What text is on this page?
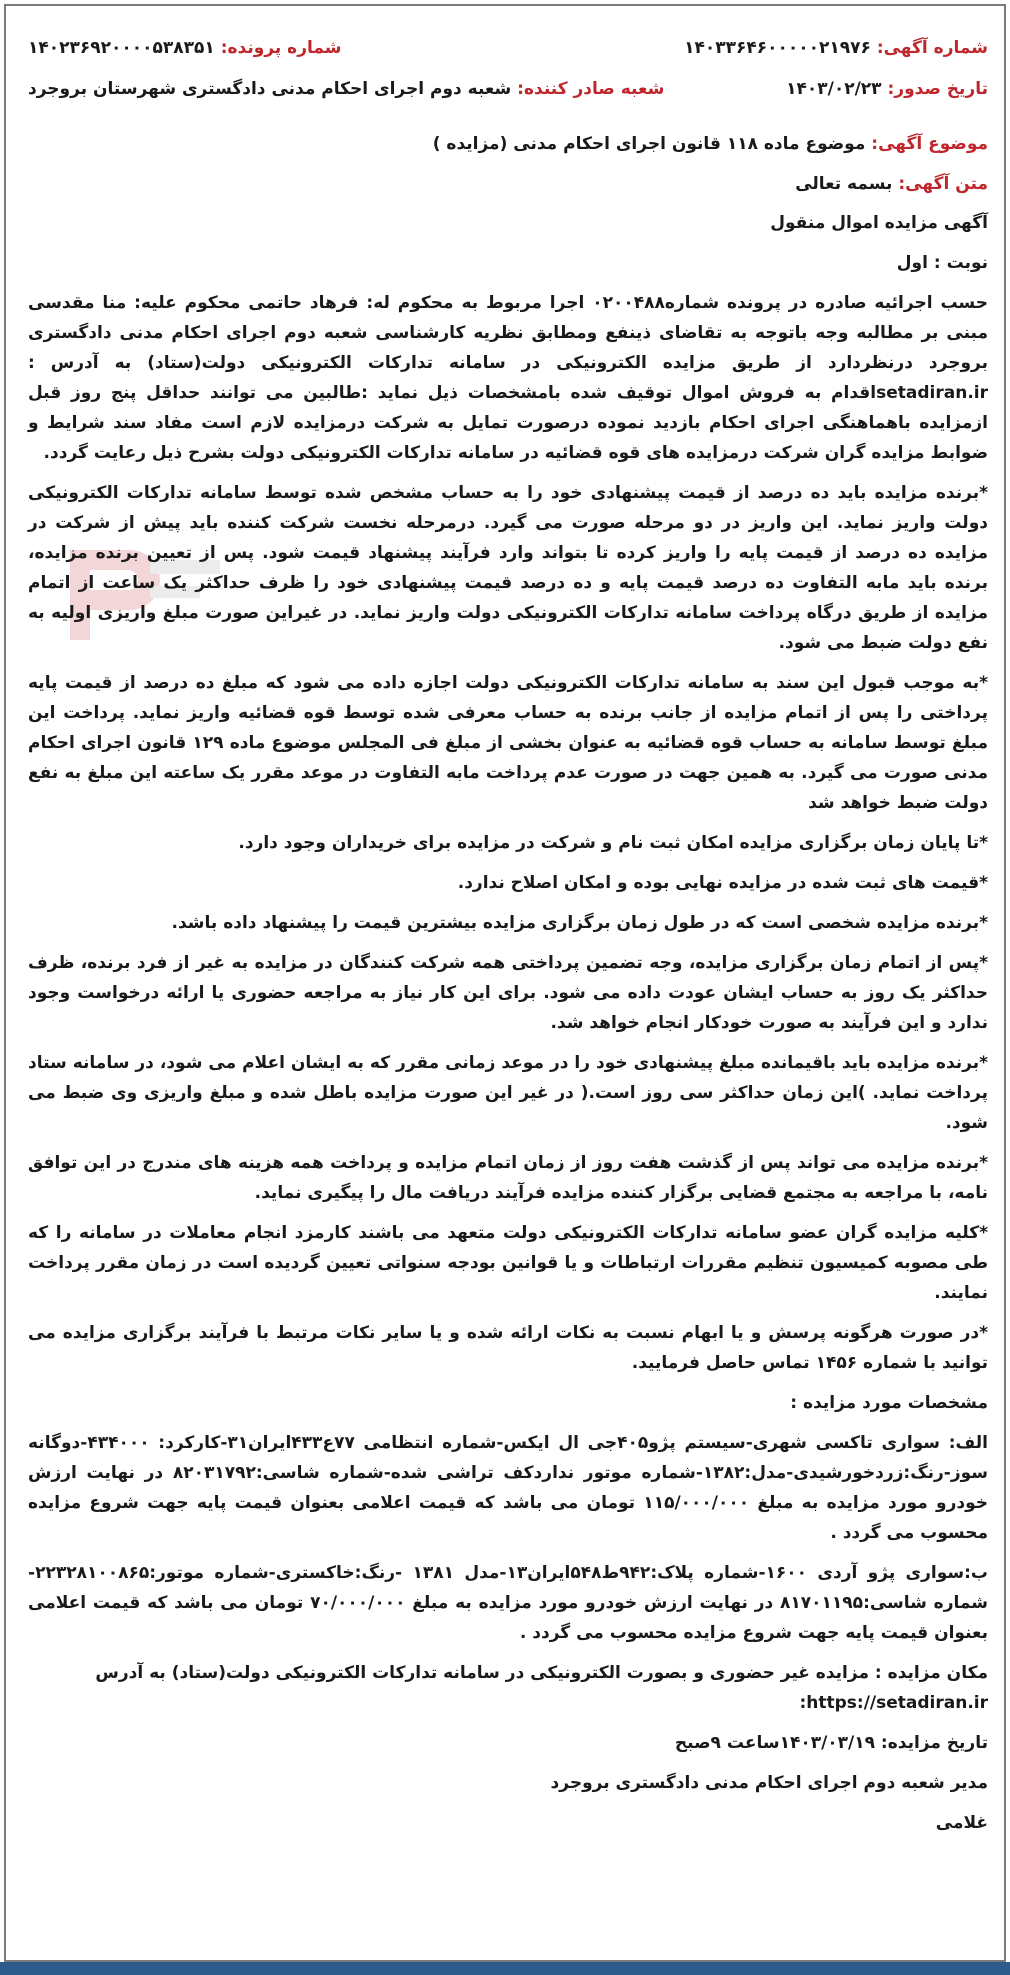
شماره آگهی: ۱۴۰۳۳۶۴۶۰۰۰۰۰۲۱۹۷۶
شماره پرونده: ۱۴۰۲۳۶۹۲۰۰۰۰۵۳۸۳۵۱
تاریخ صدور: ۱۴۰۳/۰۲/۲۳
شعبه صادر کننده: شعبه دوم اجرای احکام مدنی دادگستری شهرستان بروجرد
موضوع آگهی: موضوع ماده ۱۱۸ قانون اجرای احکام مدنی (مزایده )
متن آگهی: بسمه تعالی

آگهی مزایده اموال منقول

نوبت : اول

حسب اجرائیه صادره در پرونده شماره۰۲۰۰۴۸۸ اجرا مربوط به محکوم له: فرهاد حاتمی محکوم علیه: منا مقدسی مبنی بر مطالبه وجه باتوجه به تقاضای ذینفع ومطابق نظریه کارشناسی شعبه دوم اجرای احکام مدنی دادگستری بروجرد درنظردارد از طریق مزایده الکترونیکی در سامانه تدارکات الکترونیکی دولت(ستاد) به آدرس : setadiran.irاقدام به فروش اموال توقیف شده بامشخصات ذیل نماید :طالبین می توانند حداقل پنج روز قبل ازمزایده باهماهنگی اجرای احکام بازدید نموده درصورت تمایل به شرکت درمزایده لازم است مفاد سند شرایط و ضوابط مزایده گران شرکت درمزایده های قوه قضائیه در سامانه تدارکات الکترونیکی دولت بشرح ذیل رعایت گردد.

*برنده مزایده باید ده درصد از قیمت پیشنهادی خود را به حساب مشخص شده توسط سامانه تدارکات الکترونیکی دولت واریز نماید. این واریز در دو مرحله صورت می گیرد. درمرحله نخست شرکت کننده باید پیش از شرکت در مزایده ده درصد از قیمت پایه را واریز کرده تا بتواند وارد فرآیند پیشنهاد قیمت شود. پس از تعیین برنده مزایده، برنده باید مابه التفاوت ده درصد قیمت پایه و ده درصد قیمت پیشنهادی خود را ظرف حداکثر یک ساعت از اتمام مزایده از طریق درگاه پرداخت سامانه تدارکات الکترونیکی دولت واریز نماید. در غیراین صورت مبلغ واریزی اولیه به نفع دولت ضبط می شود.

*به موجب قبول این سند به سامانه تدارکات الکترونیکی دولت اجازه داده می شود که مبلغ ده درصد از قیمت پایه پرداختی را پس از اتمام مزایده از جانب برنده به حساب معرفی شده توسط قوه قضائیه واریز نماید. پرداخت این مبلغ توسط سامانه به حساب قوه قضائیه به عنوان بخشی از مبلغ فی المجلس موضوع ماده ۱۲۹ قانون اجرای احکام مدنی صورت می گیرد. به همین جهت در صورت عدم پرداخت مابه التفاوت در موعد مقرر یک ساعته این مبلغ به نفع دولت ضبط خواهد شد

*تا پایان زمان برگزاری مزایده امکان ثبت نام و شرکت در مزایده برای خریداران وجود دارد.

*قیمت های ثبت شده در مزایده نهایی بوده و امکان اصلاح ندارد.

*برنده مزایده شخصی است که در طول زمان برگزاری مزایده بیشترین قیمت را پیشنهاد داده باشد.

*پس از اتمام زمان برگزاری مزایده، وجه تضمین پرداختی همه شرکت کنندگان در مزایده به غیر از فرد برنده، ظرف حداکثر یک روز به حساب ایشان عودت داده می شود. برای این کار نیاز به مراجعه حضوری یا ارائه درخواست وجود ندارد و این فرآیند به صورت خودکار انجام خواهد شد.

*برنده مزایده باید باقیمانده مبلغ پیشنهادی خود را در موعد زمانی مقرر که به ایشان اعلام می شود، در سامانه ستاد پرداخت نماید. )این زمان حداکثر سی روز است.( در غیر این صورت مزایده باطل شده و مبلغ واریزی وی ضبط می شود.

*برنده مزایده می تواند پس از گذشت هفت روز از زمان اتمام مزایده و پرداخت همه هزینه های مندرج در این توافق نامه، با مراجعه به مجتمع قضایی برگزار کننده مزایده فرآیند دریافت مال را پیگیری نماید.

*کلیه مزایده گران عضو سامانه تدارکات الکترونیکی دولت متعهد می باشند کارمزد انجام معاملات در سامانه را که طی مصوبه کمیسیون تنظیم مقررات ارتباطات و یا قوانین بودجه سنواتی تعیین گردیده است در زمان مقرر پرداخت نمایند.

*در صورت هرگونه پرسش و یا ابهام نسبت به نکات ارائه شده و یا سایر نکات مرتبط با فرآیند برگزاری مزایده می توانید با شماره ۱۴۵۶ تماس حاصل فرمایید.

مشخصات مورد مزایده :

الف: سواری تاکسی شهری-سیستم پژو۴۰۵جی ال ایکس-شماره انتظامی ۷۷ع۴۳۳ایران۳۱-کارکرد: ۴۳۴۰۰۰-دوگانه سوز-رنگ:زردخورشیدی-مدل:۱۳۸۲-شماره موتور نداردکف تراشی شده-شماره شاسی:۸۲۰۳۱۷۹۲ در نهایت ارزش خودرو مورد مزایده به مبلغ ۱۱۵/۰۰۰/۰۰۰ تومان می باشد که قیمت اعلامی بعنوان قیمت پایه جهت شروع مزایده محسوب می گردد .

ب:سواری پژو آردی ۱۶۰۰-شماره پلاک:۹۴۲ط۵۴۸ایران۱۳-مدل ۱۳۸۱ -رنگ:خاکستری-شماره موتور:۲۲۳۲۸۱۰۰۸۶۵-شماره شاسی:۸۱۷۰۱۱۹۵ در نهایت ارزش خودرو مورد مزایده به مبلغ ۷۰/۰۰۰/۰۰۰ تومان می باشد که قیمت اعلامی بعنوان قیمت پایه جهت شروع مزایده محسوب می گردد .

مکان مزایده : مزایده غیر حضوری و بصورت الکترونیکی در سامانه تدارکات الکترونیکی دولت(ستاد) به آدرس

https://setadiran.ir:

تاریخ مزایده: ۱۴۰۳/۰۳/۱۹ساعت ۹صبح

مدیر شعبه دوم اجرای احکام مدنی دادگستری بروجرد

غلامی
